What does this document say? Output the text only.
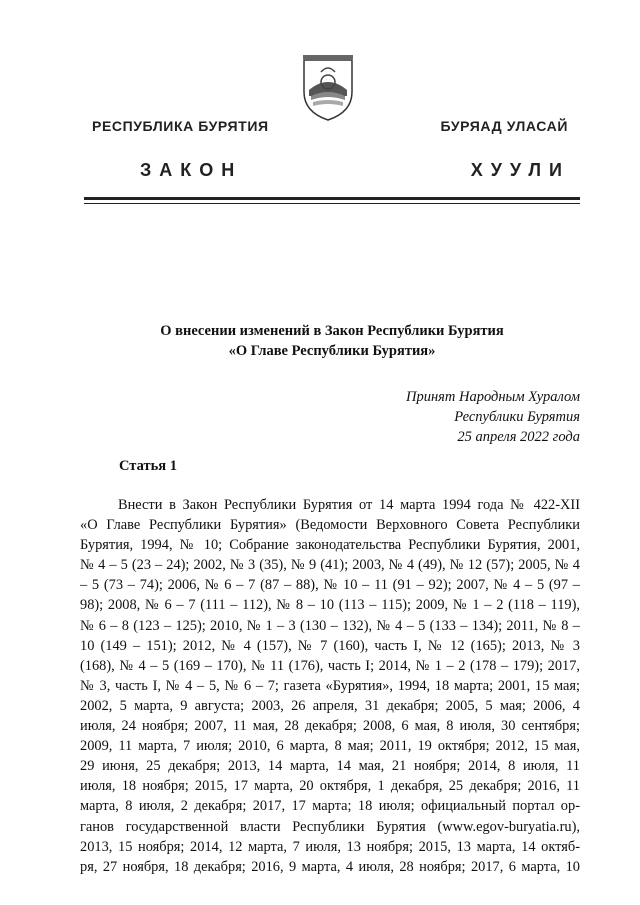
РЕСПУБЛИКА БУРЯТИЯ	БУРЯАД УЛАСАЙ
ЗАКОН	ХУУЛИ
О внесении изменений в Закон Республики Бурятия
«О Главе Республики Бурятия»
Принят Народным Хуралом
Республики Бурятия
25 апреля 2022 года
Статья 1
Внести в Закон Республики Бурятия от 14 марта 1994 года № 422-XII
«О Главе Республики Бурятия» (Ведомости Верховного Совета Республики
Бурятия, 1994, № 10; Собрание законодательства Республики Бурятия, 2001,
№ 4 – 5 (23 – 24); 2002, № 3 (35), № 9 (41); 2003, № 4 (49), № 12 (57); 2005, № 4
– 5 (73 – 74); 2006, № 6 – 7 (87 – 88), № 10 – 11 (91 – 92); 2007, № 4 – 5 (97 –
98); 2008, № 6 – 7 (111 – 112), № 8 – 10 (113 – 115); 2009, № 1 – 2 (118 – 119),
№ 6 – 8 (123 – 125); 2010, № 1 – 3 (130 – 132), № 4 – 5 (133 – 134); 2011, № 8 –
10 (149 – 151); 2012, № 4 (157), № 7 (160), часть I, № 12 (165); 2013, № 3
(168), № 4 – 5 (169 – 170), № 11 (176), часть I; 2014, № 1 – 2 (178 – 179); 2017,
№ 3, часть I, № 4 – 5, № 6 – 7; газета «Бурятия», 1994, 18 марта; 2001, 15 мая;
2002, 5 марта, 9 августа; 2003, 26 апреля, 31 декабря; 2005, 5 мая; 2006, 4
июля, 24 ноября; 2007, 11 мая, 28 декабря; 2008, 6 мая, 8 июля, 30 сентября;
2009, 11 марта, 7 июля; 2010, 6 марта, 8 мая; 2011, 19 октября; 2012, 15 мая,
29 июня, 25 декабря; 2013, 14 марта, 14 мая, 21 ноября; 2014, 8 июля, 11
июля, 18 ноября; 2015, 17 марта, 20 октября, 1 декабря, 25 декабря; 2016, 11
марта, 8 июля, 2 декабря; 2017, 17 марта; 18 июля; официальный портал ор-
ганов государственной власти Республики Бурятия (www.egov-buryatia.ru),
2013, 15 ноября; 2014, 12 марта, 7 июля, 13 ноября; 2015, 13 марта, 14 октяб-
ря, 27 ноября, 18 декабря; 2016, 9 марта, 4 июля, 28 ноября; 2017, 6 марта, 10
